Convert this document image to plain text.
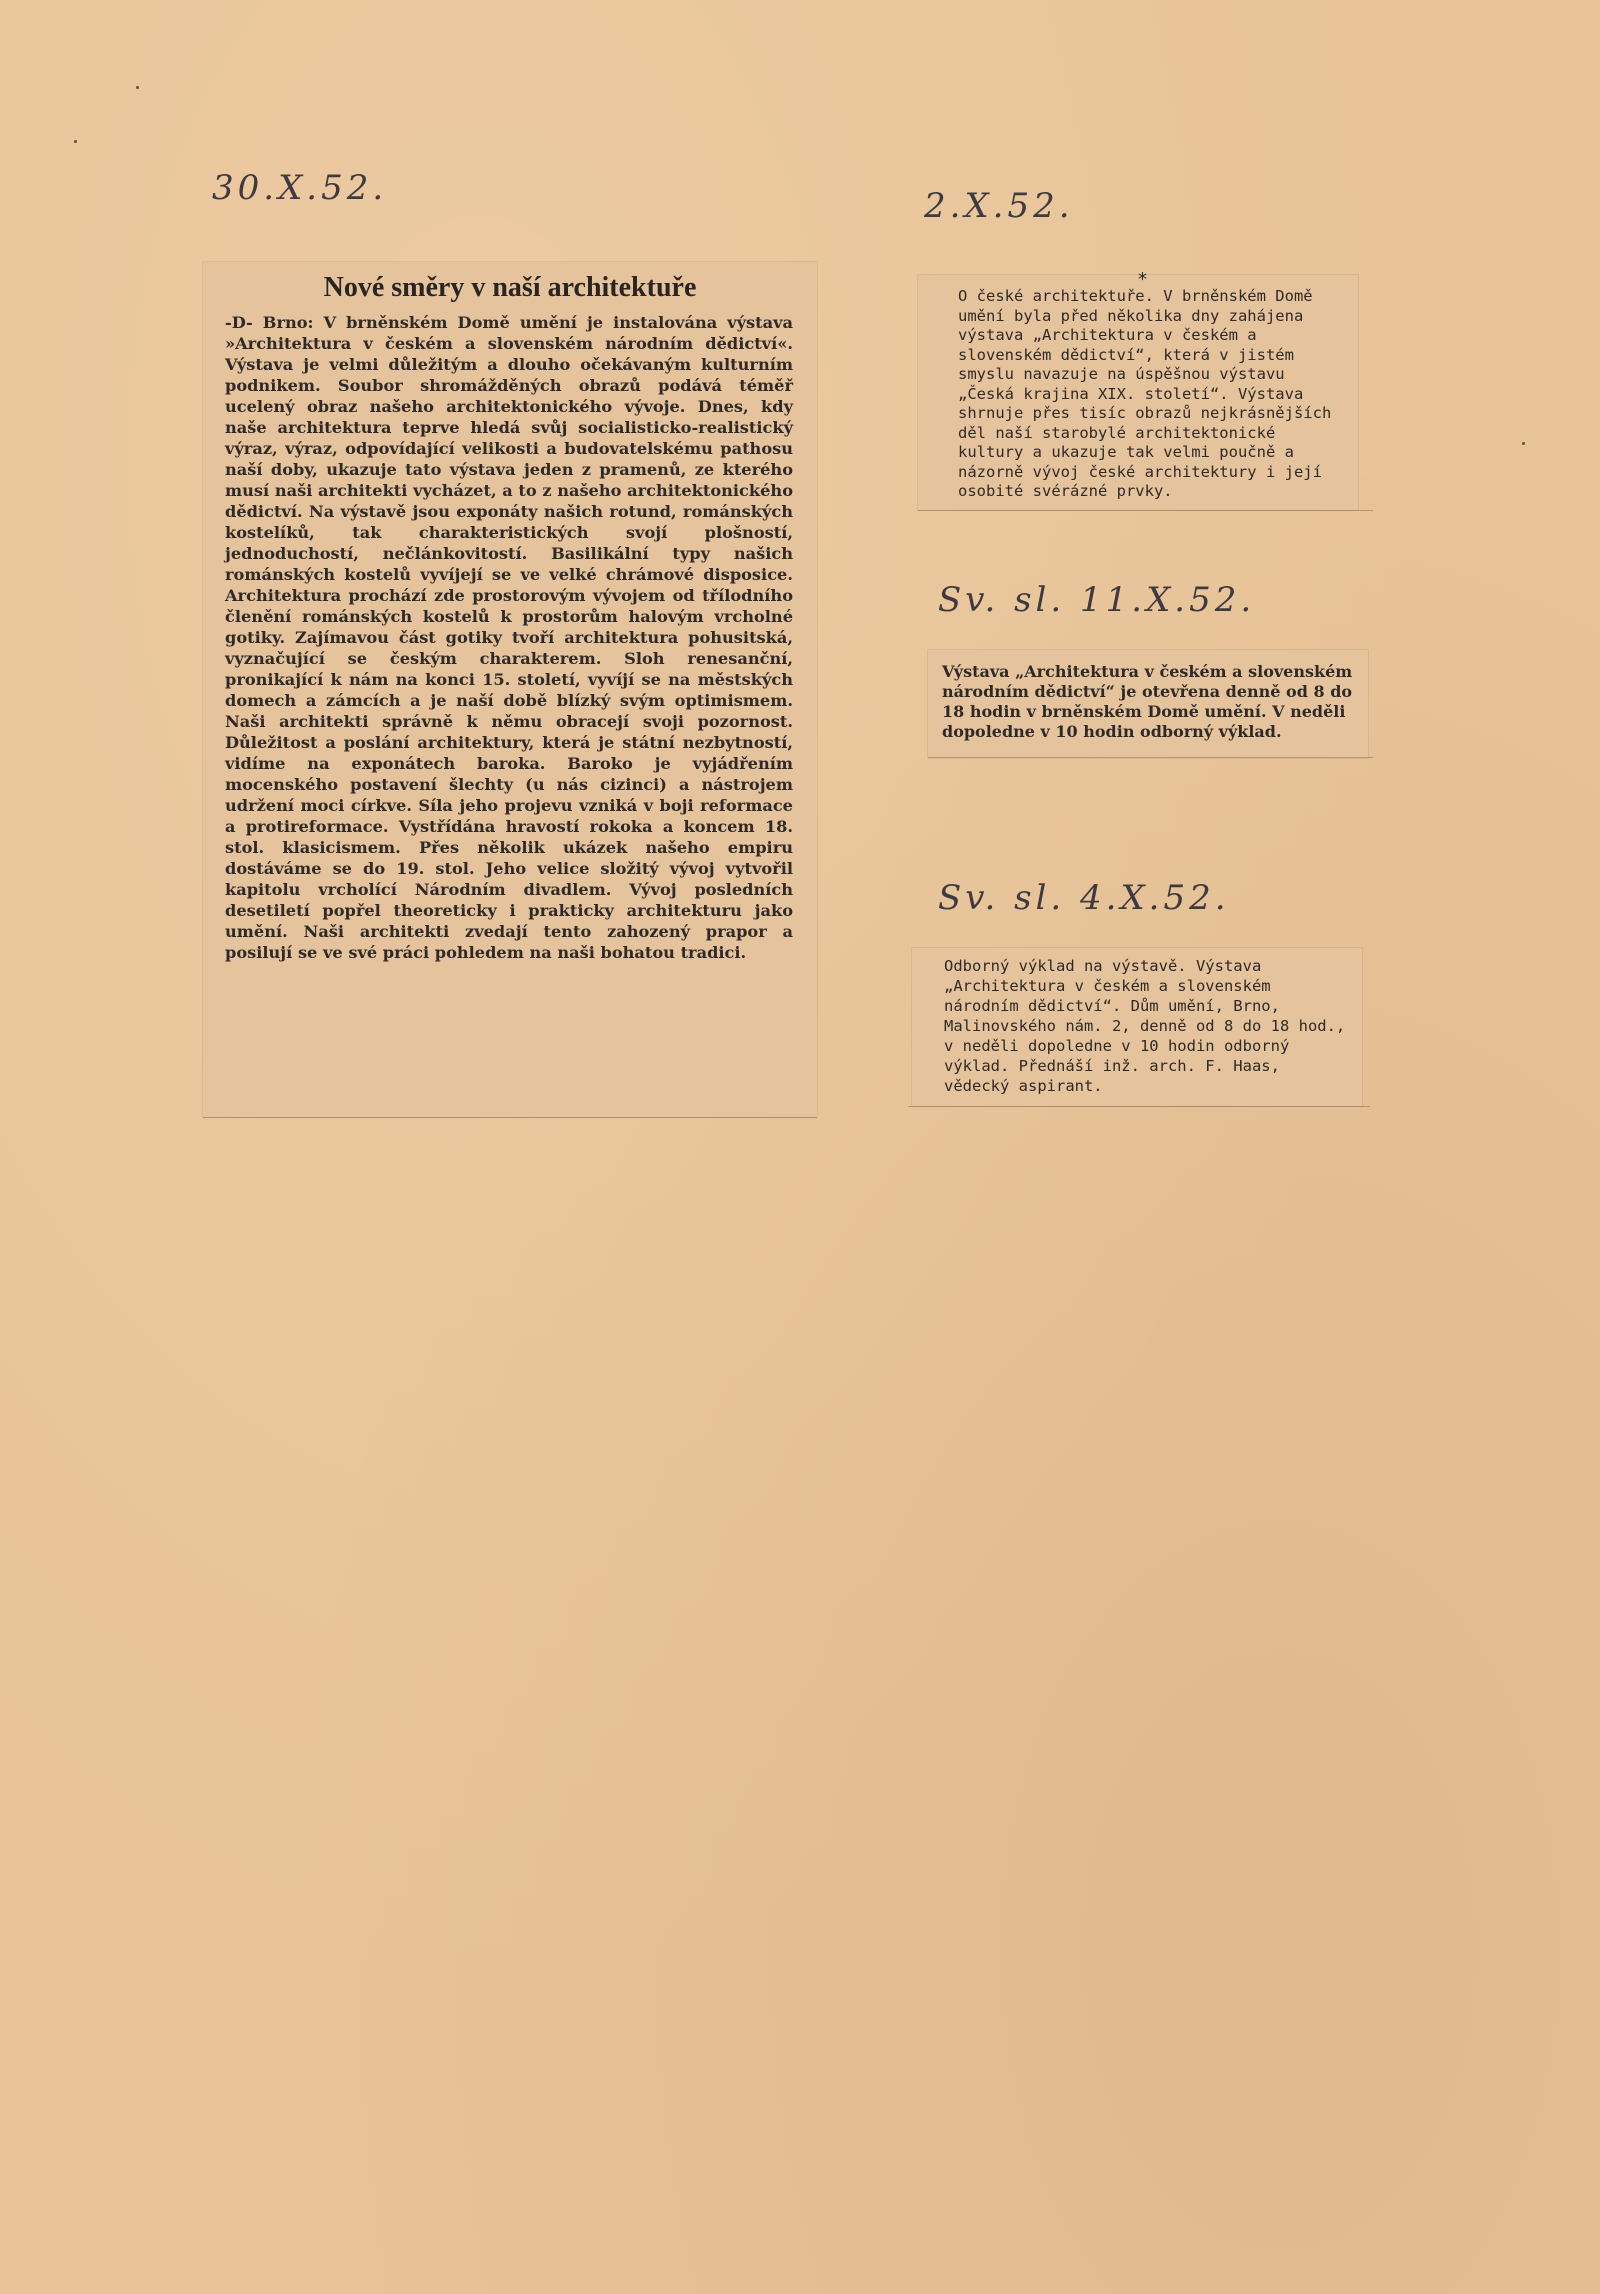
30.X.52.	2.X.52.
Sv. sl. 11.X.52.
Sv. sl. 4.X.52.
Nové směry v naší architektuře

-D- Brno: V brněnském Domě umění je instalována výstava »Architektura v českém a slovenském národním dědictví«. Výstava je velmi důležitým a dlouho očekávaným kulturním podnikem. Soubor shromážděných obrazů podává téměř ucelený obraz našeho architektonického vývoje. Dnes, kdy naše architektura teprve hledá svůj socialisticko-realistický výraz, výraz, odpovídající velikosti a budovatelskému pathosu naší doby, ukazuje tato výstava jeden z pramenů, ze kterého musí naši architekti vycházet, a to z našeho architektonického dědictví. Na výstavě jsou exponáty našich rotund, románských kostelíků, tak charakteristických svojí plošností, jednoduchostí, nečlánkovitostí. Basilikální typy našich románských kostelů vyvíjejí se ve velké chrámové disposice. Architektura prochází zde prostorovým vývojem od třílodního členění románských kostelů k prostorům halovým vrcholné gotiky. Zajímavou část gotiky tvoří architektura pohusitská, vyznačující se českým charakterem. Sloh renesanční, pronikající k nám na konci 15. století, vyvíjí se na městských domech a zámcích a je naší době blízký svým optimismem. Naši architekti správně k němu obracejí svoji pozornost. Důležitost a poslání architektury, která je státní nezbytností, vidíme na exponátech baroka. Baroko je vyjádřením mocenského postavení šlechty (u nás cizinci) a nástrojem udržení moci církve. Síla jeho projevu vzniká v boji reformace a protireformace. Vystřídána hravostí rokoka a koncem 18. stol. klasicismem. Přes několik ukázek našeho empiru dostáváme se do 19. stol. Jeho velice složitý vývoj vytvořil kapitolu vrcholící Národním divadlem. Vývoj posledních desetiletí popřel theoreticky i prakticky architekturu jako umění. Naši architekti zvedají tento zahozený prapor a posilují se ve své práci pohledem na naši bohatou tradici.

*

O české architektuře. V brněnském Domě umění byla před několika dny zahájena výstava „Architektura v českém a slovenském dědictví“, která v jistém smyslu navazuje na úspěšnou výstavu „Česká krajina XIX. století“. Výstava shrnuje přes tisíc obrazů nejkrásnějších děl naší starobylé architektonické kultury a ukazuje tak velmi poučně a názorně vývoj české architektury i její osobité svérázné prvky.

Výstava „Architektura v českém a slovenském národním dědictví“ je otevřena denně od 8 do 18 hodin v brněnském Domě umění. V neděli dopoledne v 10 hodin odborný výklad.

Odborný výklad na výstavě. Výstava „Architektura v českém a slovenském národním dědictví“. Dům umění, Brno, Malinovského nám. 2, denně od 8 do 18 hod., v neděli dopoledne v 10 hodin odborný výklad. Přednáší inž. arch. F. Haas, vědecký aspirant.
